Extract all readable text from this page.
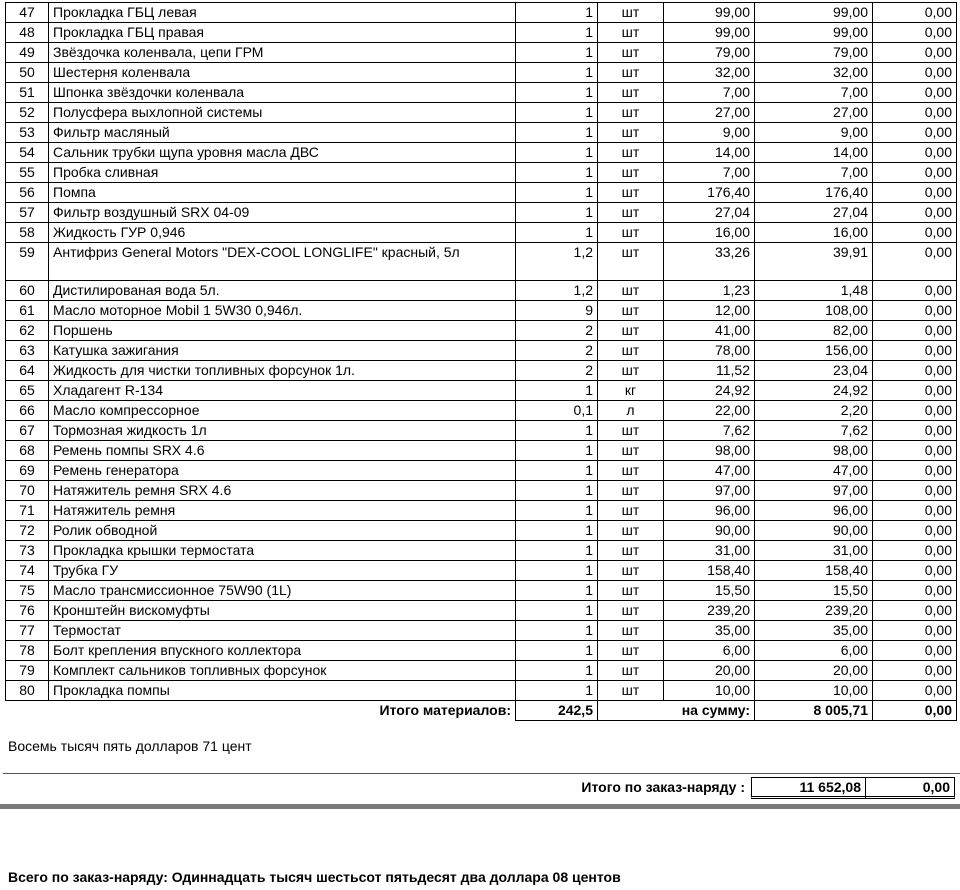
47	Прокладка ГБЦ левая	1	шт	99,00	99,00	0,00
48	Прокладка ГБЦ правая	1	шт	99,00	99,00	0,00
49	Звёздочка коленвала, цепи ГРМ	1	шт	79,00	79,00	0,00
50	Шестерня коленвала	1	шт	32,00	32,00	0,00
51	Шпонка звёздочки коленвала	1	шт	7,00	7,00	0,00
52	Полусфера выхлопной системы	1	шт	27,00	27,00	0,00
53	Фильтр масляный	1	шт	9,00	9,00	0,00
54	Сальник трубки щупа уровня масла ДВС	1	шт	14,00	14,00	0,00
55	Пробка сливная	1	шт	7,00	7,00	0,00
56	Помпа	1	шт	176,40	176,40	0,00
57	Фильтр воздушный SRX 04-09	1	шт	27,04	27,04	0,00
58	Жидкость ГУР 0,946	1	шт	16,00	16,00	0,00
59	Антифриз General Motors "DEX-COOL LONGLIFE" красный, 5л	1,2	шт	33,26	39,91	0,00
60	Дистилированая вода 5л.	1,2	шт	1,23	1,48	0,00
61	Масло моторное Mobil 1 5W30 0,946л.	9	шт	12,00	108,00	0,00
62	Поршень	2	шт	41,00	82,00	0,00
63	Катушка зажигания	2	шт	78,00	156,00	0,00
64	Жидкость для чистки топливных форсунок 1л.	2	шт	11,52	23,04	0,00
65	Хладагент R-134	1	кг	24,92	24,92	0,00
66	Масло компрессорное	0,1	л	22,00	2,20	0,00
67	Тормозная жидкость 1л	1	шт	7,62	7,62	0,00
68	Ремень помпы SRX 4.6	1	шт	98,00	98,00	0,00
69	Ремень генератора	1	шт	47,00	47,00	0,00
70	Натяжитель ремня SRX 4.6	1	шт	97,00	97,00	0,00
71	Натяжитель ремня	1	шт	96,00	96,00	0,00
72	Ролик обводной	1	шт	90,00	90,00	0,00
73	Прокладка крышки термостата	1	шт	31,00	31,00	0,00
74	Трубка ГУ	1	шт	158,40	158,40	0,00
75	Масло трансмиссионное 75W90 (1L)	1	шт	15,50	15,50	0,00
76	Кронштейн вискомуфты	1	шт	239,20	239,20	0,00
77	Термостат	1	шт	35,00	35,00	0,00
78	Болт крепления впускного коллектора	1	шт	6,00	6,00	0,00
79	Комплект сальников топливных форсунок	1	шт	20,00	20,00	0,00
80	Прокладка помпы	1	шт	10,00	10,00	0,00
	Итого материалов:	242,5	на сумму:		8 005,71	0,00
Восемь тысяч пять долларов 71 цент
Итого по заказ-наряду :	11 652,08	0,00
Всего по заказ-наряду: Одиннадцать тысяч шестьсот пятьдесят два доллара 08 центов
